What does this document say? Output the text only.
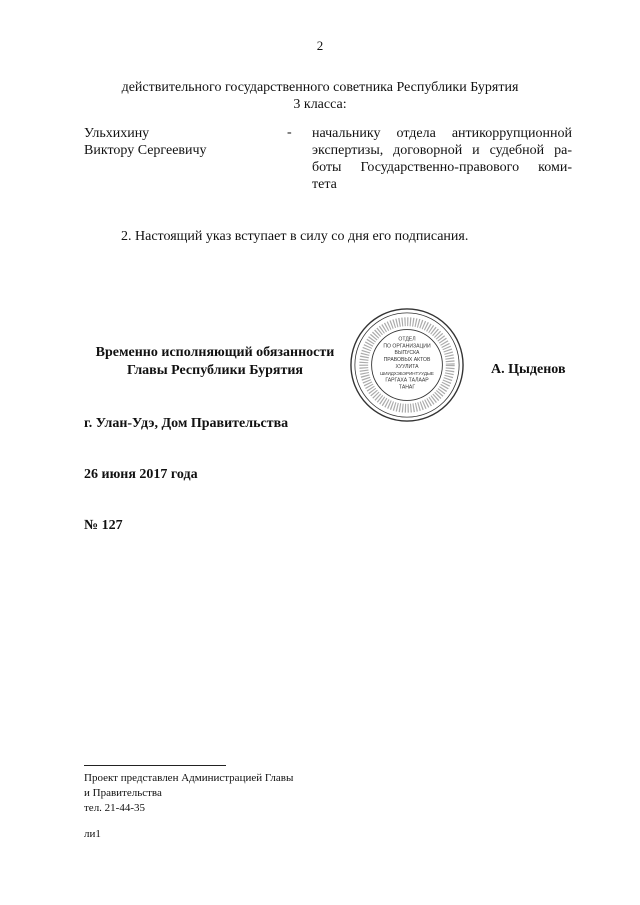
2
действительного государственного советника Республики Бурятия
3 класса:
Ульхихину
Виктору Сергеевичу
- начальнику отдела антикоррупционной
экспертизы, договорной и судебной ра-
боты Государственно-правового коми-
тета
2. Настоящий указ вступает в силу со дня его подписания.
Временно исполняющий обязанности
Главы Республики Бурятия
ОТДЕЛ
ПО ОРГАНИЗАЦИИ
ВЫПУСКА
ПРАВОВЫХ АКТОВ
ХУУЛИТА
ШИИДХЭБЭРИНТУУДЫЕ
ГАРГАХА ТАЛААР
ТАНАГ
А. Цыденов
г. Улан-Удэ, Дом Правительства
26 июня 2017 года
№ 127
Проект представлен Администрацией Главы
и Правительства
тел. 21-44-35
ли1
